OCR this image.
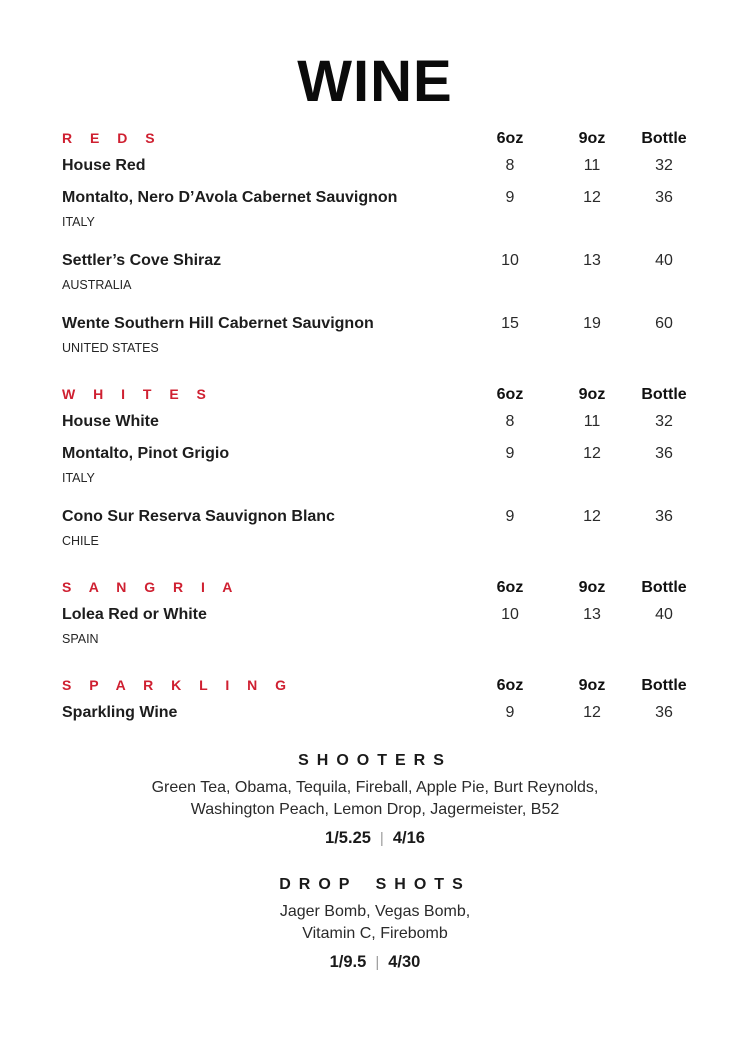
WINE
R E D S	6oz	9oz	Bottle
House Red	8	11	32
Montalto, Nero D’Avola Cabernet Sauvignon	9	12	36
ITALY
Settler’s Cove Shiraz	10	13	40
AUSTRALIA
Wente Southern Hill Cabernet Sauvignon	15	19	60
UNITED STATES
W H I T E S	6oz	9oz	Bottle
House White	8	11	32
Montalto, Pinot Grigio	9	12	36
ITALY
Cono Sur Reserva Sauvignon Blanc	9	12	36
CHILE
S A N G R I A	6oz	9oz	Bottle
Lolea Red or White	10	13	40
SPAIN
S P A R K L I N G	6oz	9oz	Bottle
Sparkling Wine	9	12	36
SHOOTERS
Green Tea, Obama, Tequila, Fireball, Apple Pie, Burt Reynolds,
Washington Peach, Lemon Drop, Jagermeister, B52
1/5.25 | 4/16
DROP SHOTS
Jager Bomb, Vegas Bomb,
Vitamin C, Firebomb
1/9.5 | 4/30
